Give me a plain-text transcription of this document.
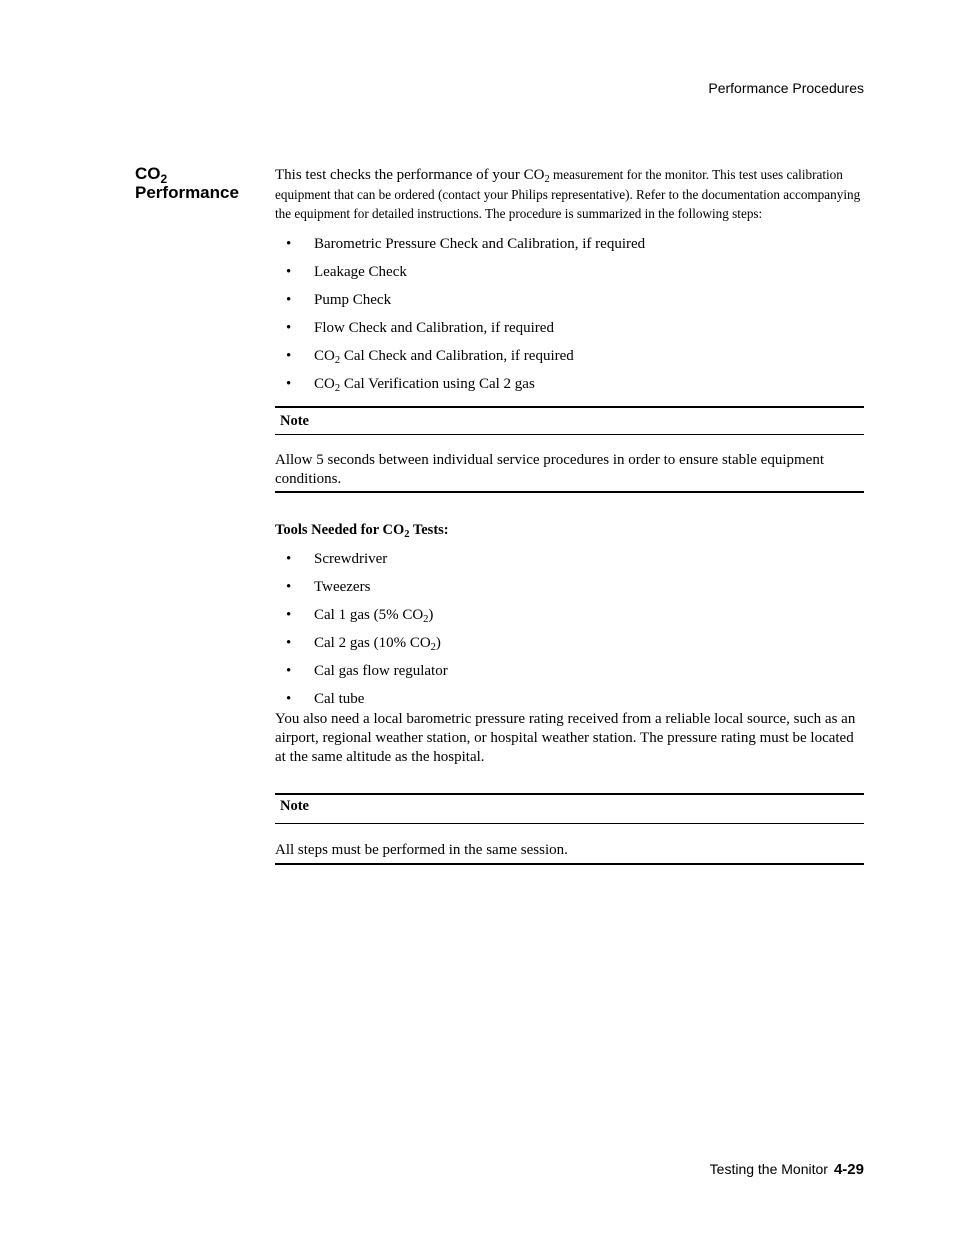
Performance Procedures
$CO_2$
Performance

This test checks the performance of your $CO_2$ measurement for the monitor. This test uses calibration equipment that can be ordered (contact your Philips representative). Refer to the documentation accompanying the equipment for detailed instructions. The procedure is summarized in the following steps:

• Barometric Pressure Check and Calibration, if required
• Leakage Check
• Pump Check
• Flow Check and Calibration, if required
• $CO_2$ Cal Check and Calibration, if required
• $CO_2$ Cal Verification using Cal 2 gas
Note
Allow 5 seconds between individual service procedures in order to ensure stable equipment conditions.
Tools Needed for $CO_2$ Tests:
• Screwdriver
• Tweezers
• Cal 1 gas (5% $CO_2$)
• Cal 2 gas (10% $CO_2$)
• Cal gas flow regulator
• Cal tube

You also need a local barometric pressure rating received from a reliable local source, such as an airport, regional weather station, or hospital weather station. The pressure rating must be located at the same altitude as the hospital.

Note
All steps must be performed in the same session.
Testing the Monitor 4-29
